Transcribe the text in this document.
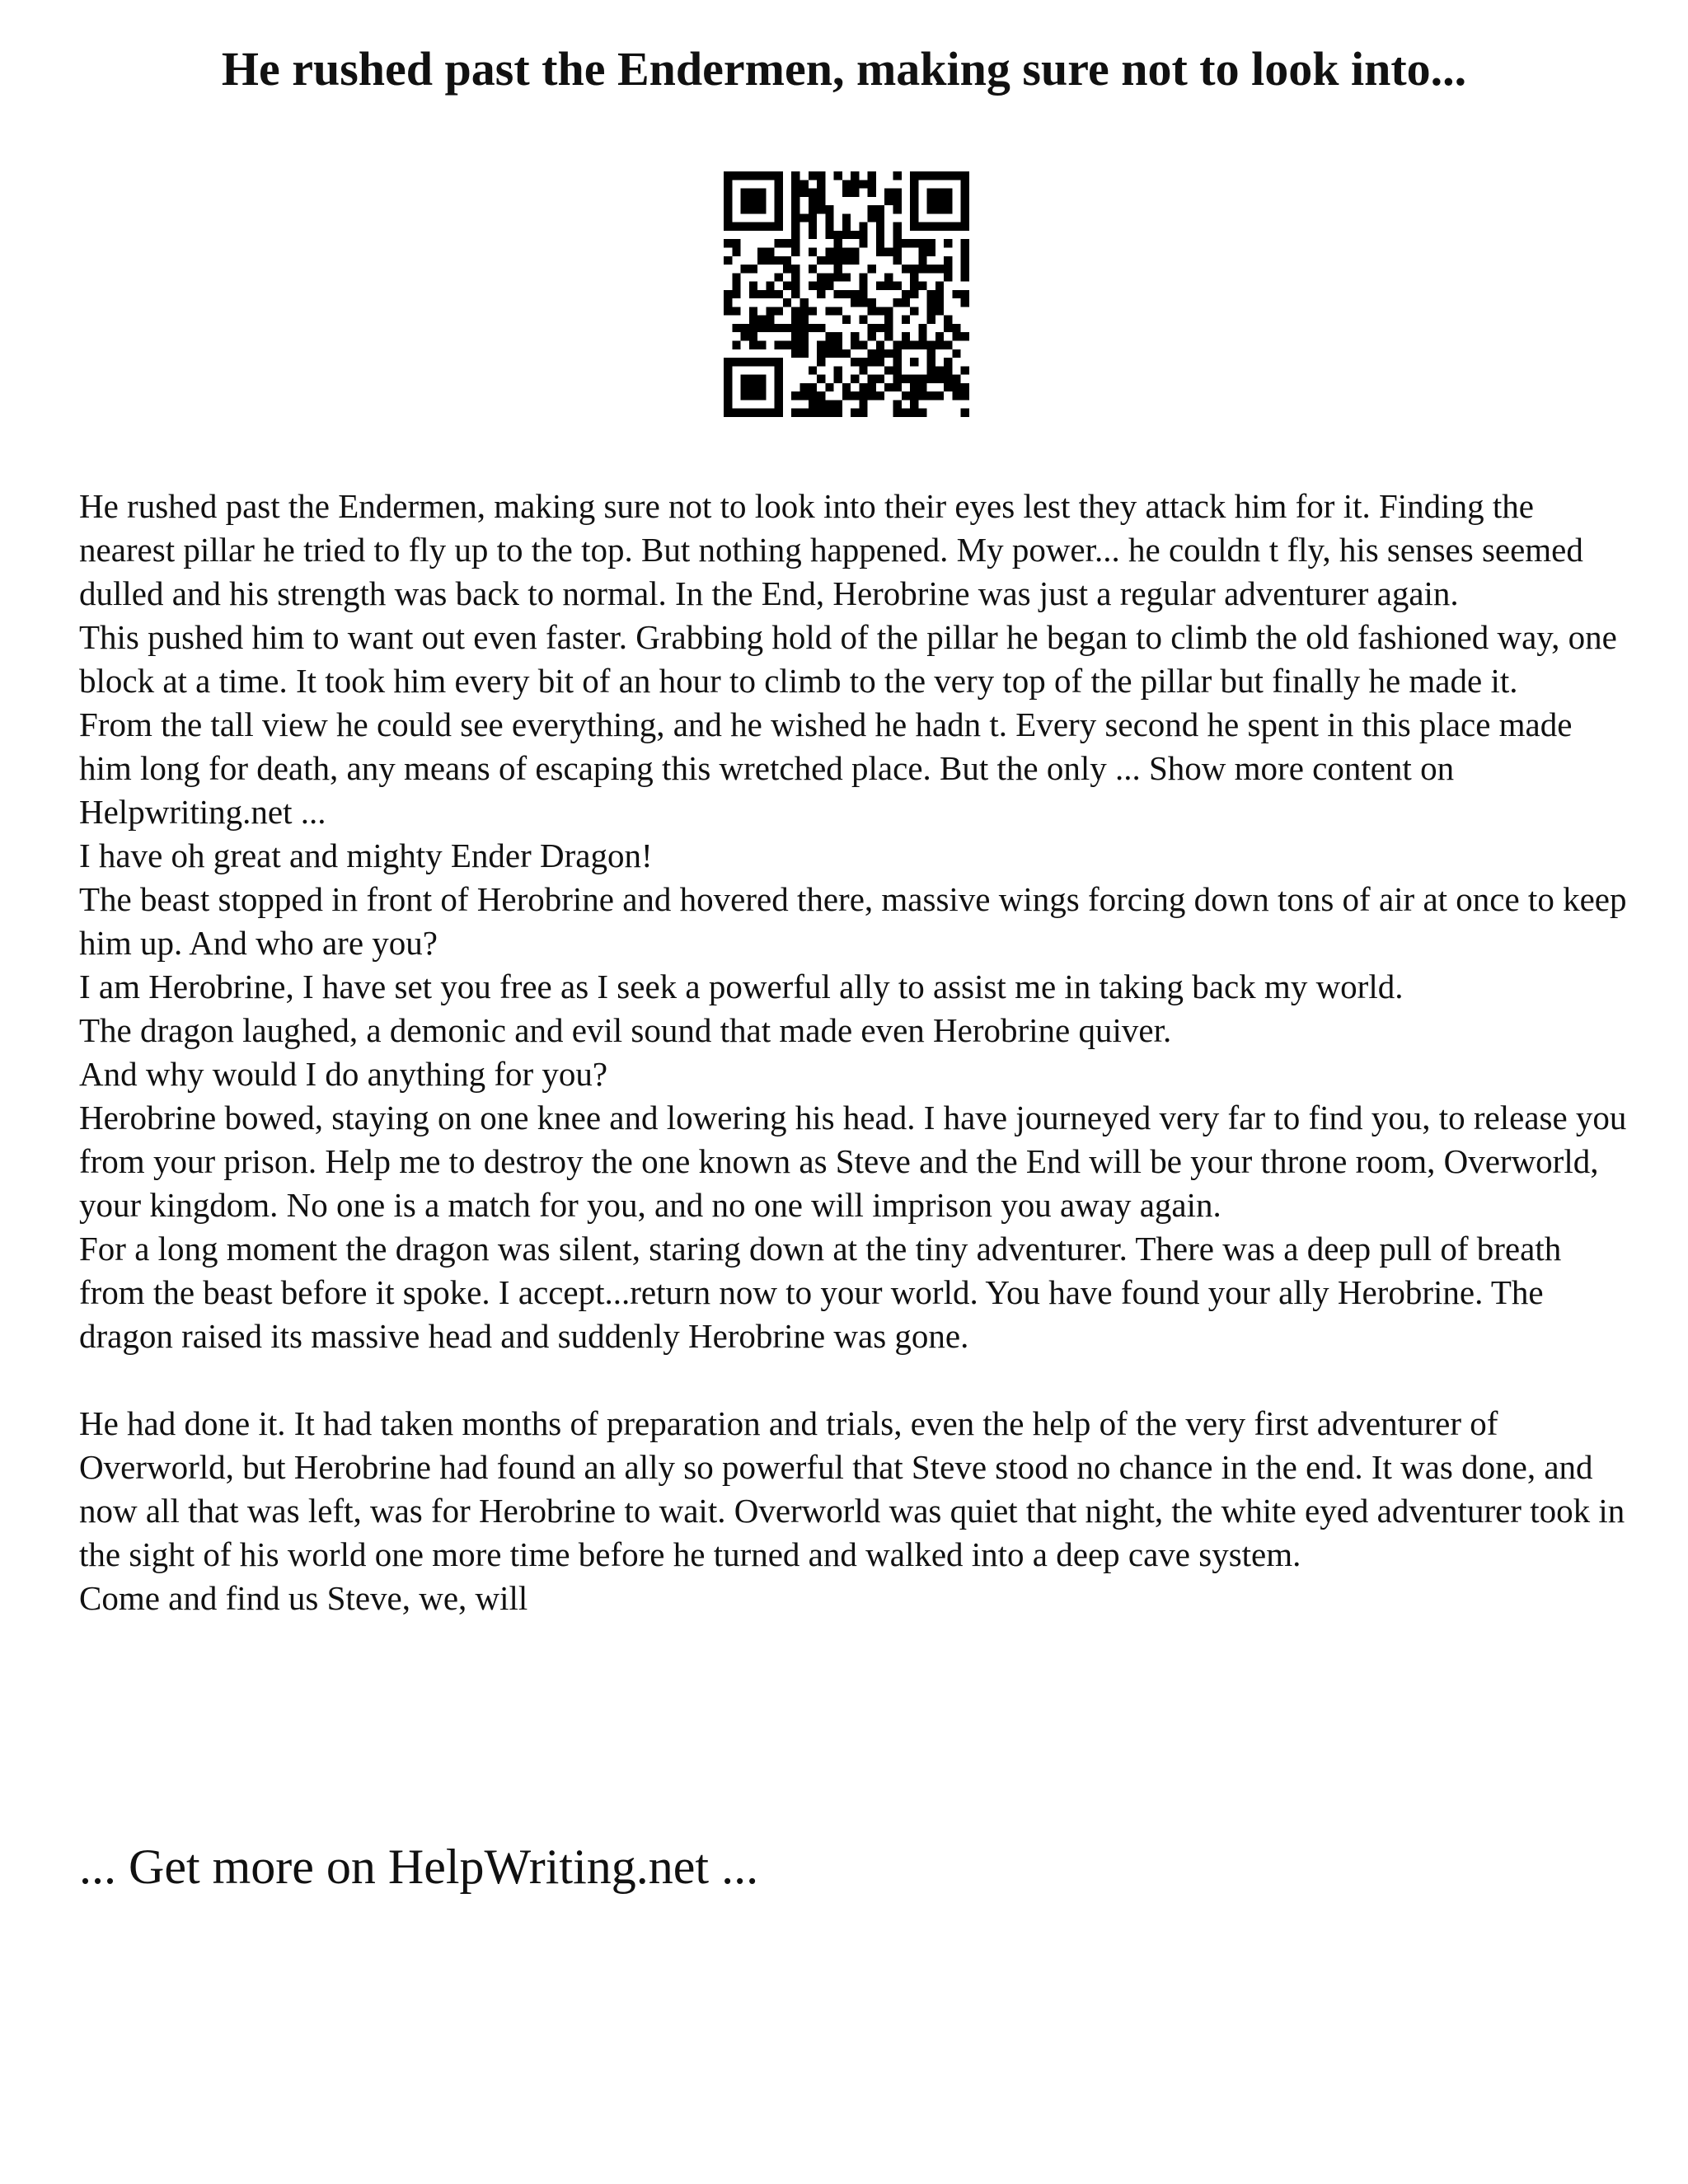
He rushed past the Endermen, making sure not to look into...

He rushed past the Endermen, making sure not to look into their eyes lest they attack him for it. Finding the nearest pillar he tried to fly up to the top. But nothing happened. My power... he couldn t fly, his senses seemed dulled and his strength was back to normal. In the End, Herobrine was just a regular adventurer again.

This pushed him to want out even faster. Grabbing hold of the pillar he began to climb the old fashioned way, one block at a time. It took him every bit of an hour to climb to the very top of the pillar but finally he made it.

From the tall view he could see everything, and he wished he hadn t. Every second he spent in this place made him long for death, any means of escaping this wretched place. But the only ... Show more content on Helpwriting.net ...

I have oh great and mighty Ender Dragon!

The beast stopped in front of Herobrine and hovered there, massive wings forcing down tons of air at once to keep him up. And who are you?

I am Herobrine, I have set you free as I seek a powerful ally to assist me in taking back my world.

The dragon laughed, a demonic and evil sound that made even Herobrine quiver.

And why would I do anything for you?

Herobrine bowed, staying on one knee and lowering his head. I have journeyed very far to find you, to release you from your prison. Help me to destroy the one known as Steve and the End will be your throne room, Overworld, your kingdom. No one is a match for you, and no one will imprison you away again.

For a long moment the dragon was silent, staring down at the tiny adventurer. There was a deep pull of breath from the beast before it spoke. I accept...return now to your world. You have found your ally Herobrine. The dragon raised its massive head and suddenly Herobrine was gone.

He had done it. It had taken months of preparation and trials, even the help of the very first adventurer of Overworld, but Herobrine had found an ally so powerful that Steve stood no chance in the end. It was done, and now all that was left, was for Herobrine to wait. Overworld was quiet that night, the white eyed adventurer took in the sight of his world one more time before he turned and walked into a deep cave system.

Come and find us Steve, we, will

... Get more on HelpWriting.net ...
